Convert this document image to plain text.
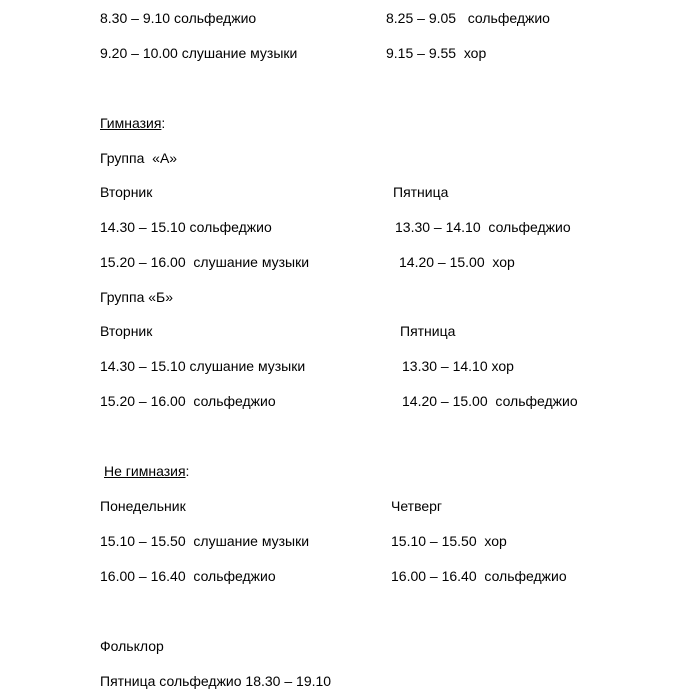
8.30 – 9.10 сольфеджио	8.25 – 9.05   сольфеджио

9.20 – 10.00 слушание музыки	9.15 – 9.55  хор

Гимназия:

Группа  «А»

Вторник	Пятница

14.30 – 15.10 сольфеджио	13.30 – 14.10  сольфеджио

15.20 – 16.00  слушание музыки	14.20 – 15.00  хор

Группа «Б»

Вторник	Пятница

14.30 – 15.10 слушание музыки	13.30 – 14.10 хор

15.20 – 16.00  сольфеджио	14.20 – 15.00  сольфеджио

Не гимназия:

Понедельник	Четверг

15.10 – 15.50  слушание музыки	15.10 – 15.50  хор

16.00 – 16.40  сольфеджио	16.00 – 16.40  сольфеджио

Фольклор

Пятница сольфеджио 18.30 – 19.10
